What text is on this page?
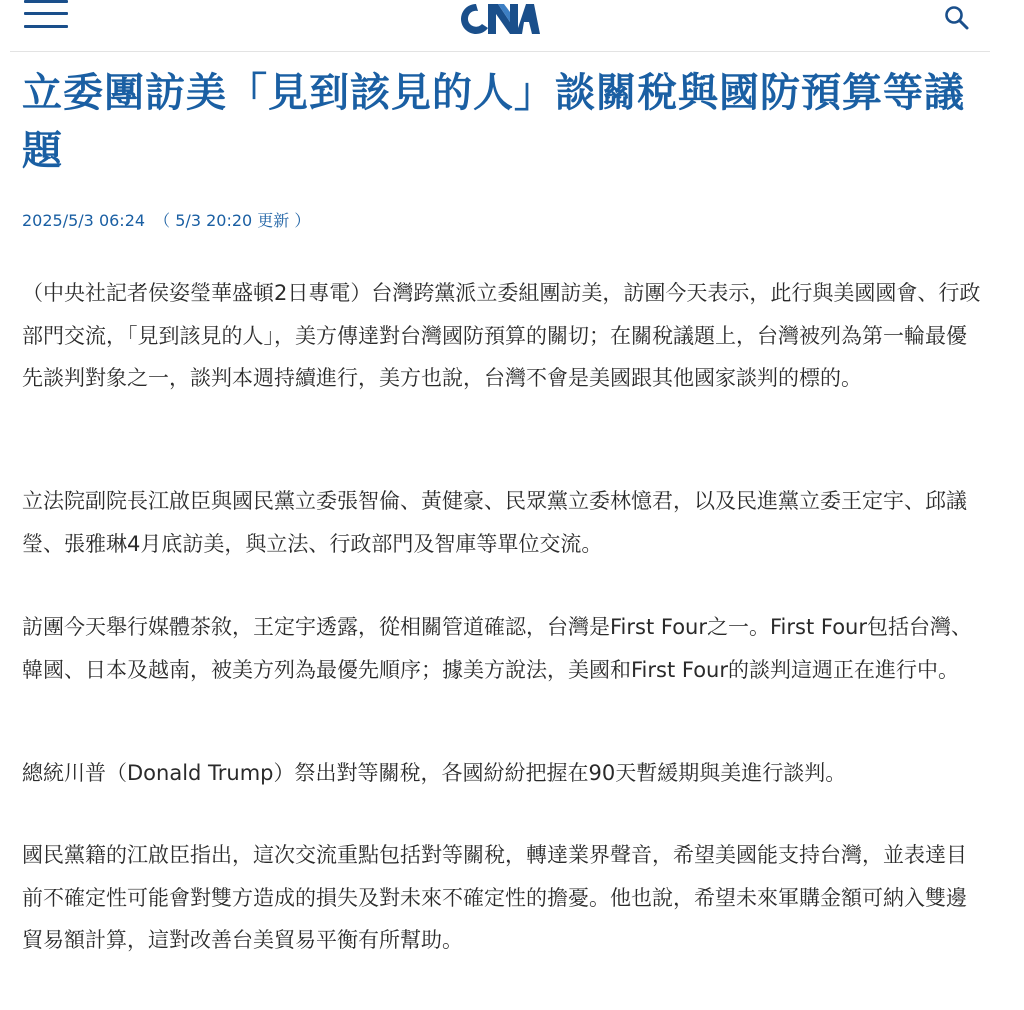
立委團訪美「見到該見的人」談關稅與國防預算等議題
2025/5/3 06:24 （ 5/3 20:20 更新 ）

（中央社記者侯姿瑩華盛頓2日專電）台灣跨黨派立委組團訪美，訪團今天表示，此行與美國國會、行政部門交流，「見到該見的人」，美方傳達對台灣國防預算的關切；在關稅議題上，台灣被列為第一輪最優先談判對象之一，談判本週持續進行，美方也說，台灣不會是美國跟其他國家談判的標的。

立法院副院長江啟臣與國民黨立委張智倫、黃健豪、民眾黨立委林憶君，以及民進黨立委王定宇、邱議瑩、張雅琳4月底訪美，與立法、行政部門及智庫等單位交流。

訪團今天舉行媒體茶敘，王定宇透露，從相關管道確認，台灣是First Four之一。First Four包括台灣、韓國、日本及越南，被美方列為最優先順序；據美方說法，美國和First Four的談判這週正在進行中。

總統川普（Donald Trump）祭出對等關稅，各國紛紛把握在90天暫緩期與美進行談判。

國民黨籍的江啟臣指出，這次交流重點包括對等關稅，轉達業界聲音，希望美國能支持台灣，並表達目前不確定性可能會對雙方造成的損失及對未來不確定性的擔憂。他也說，希望未來軍購金額可納入雙邊貿易額計算，這對改善台美貿易平衡有所幫助。
